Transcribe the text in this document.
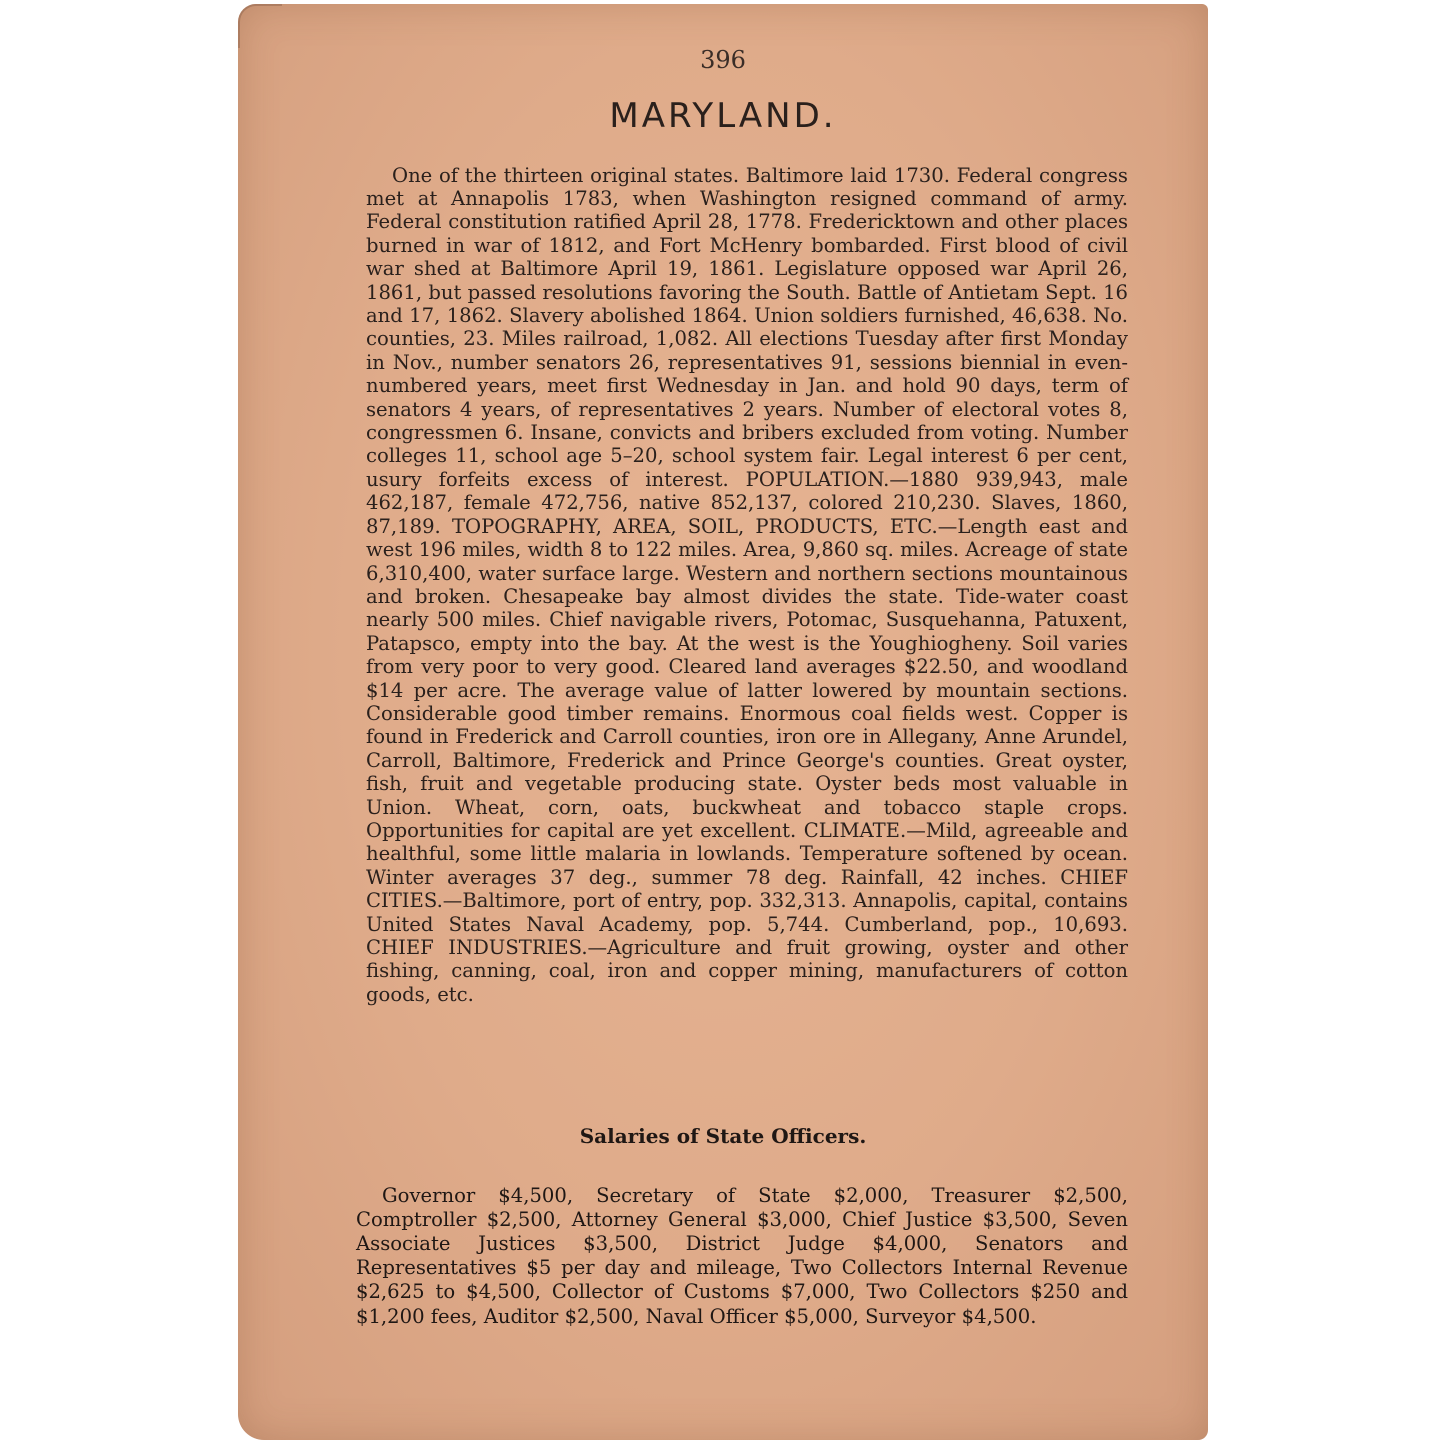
396
MARYLAND.

One of the thirteen original states. Baltimore laid 1730. Federal congress met at Annapolis 1783, when Washington resigned command of army. Federal constitution ratified April 28, 1778. Fredericktown and other places burned in war of 1812, and Fort McHenry bombarded. First blood of civil war shed at Baltimore April 19, 1861. Legislature opposed war April 26, 1861, but passed resolutions favoring the South. Battle of Antietam Sept. 16 and 17, 1862. Slavery abolished 1864. Union soldiers furnished, 46,638. No. counties, 23. Miles railroad, 1,082. All elections Tuesday after first Monday in Nov., number senators 26, representatives 91, sessions biennial in even-numbered years, meet first Wednesday in Jan. and hold 90 days, term of senators 4 years, of representatives 2 years. Number of electoral votes 8, congressmen 6. Insane, convicts and bribers excluded from voting. Number colleges 11, school age 5–20, school system fair. Legal interest 6 per cent, usury forfeits excess of interest. POPULATION.—1880 939,943, male 462,187, female 472,756, native 852,137, colored 210,230. Slaves, 1860, 87,189. TOPOGRAPHY, AREA, SOIL, PRODUCTS, ETC.—Length east and west 196 miles, width 8 to 122 miles. Area, 9,860 sq. miles. Acreage of state 6,310,400, water surface large. Western and northern sections mountainous and broken. Chesapeake bay almost divides the state. Tide-water coast nearly 500 miles. Chief navigable rivers, Potomac, Susquehanna, Patuxent, Patapsco, empty into the bay. At the west is the Youghiogheny. Soil varies from very poor to very good. Cleared land averages $22.50, and woodland $14 per acre. The average value of latter lowered by mountain sections. Considerable good timber remains. Enormous coal fields west. Copper is found in Frederick and Carroll counties, iron ore in Allegany, Anne Arundel, Carroll, Baltimore, Frederick and Prince George's counties. Great oyster, fish, fruit and vegetable producing state. Oyster beds most valuable in Union. Wheat, corn, oats, buckwheat and tobacco staple crops. Opportunities for capital are yet excellent. CLIMATE.—Mild, agreeable and healthful, some little malaria in lowlands. Temperature softened by ocean. Winter averages 37 deg., summer 78 deg. Rainfall, 42 inches. CHIEF CITIES.—Baltimore, port of entry, pop. 332,313. Annapolis, capital, contains United States Naval Academy, pop. 5,744. Cumberland, pop., 10,693. CHIEF INDUSTRIES.—Agriculture and fruit growing, oyster and other fishing, canning, coal, iron and copper mining, manufacturers of cotton goods, etc.

Salaries of State Officers.

Governor $4,500, Secretary of State $2,000, Treasurer $2,500, Comptroller $2,500, Attorney General $3,000, Chief Justice $3,500, Seven Associate Justices $3,500, District Judge $4,000, Senators and Representatives $5 per day and mileage, Two Collectors Internal Revenue $2,625 to $4,500, Collector of Customs $7,000, Two Collectors $250 and $1,200 fees, Auditor $2,500, Naval Officer $5,000, Surveyor $4,500.
